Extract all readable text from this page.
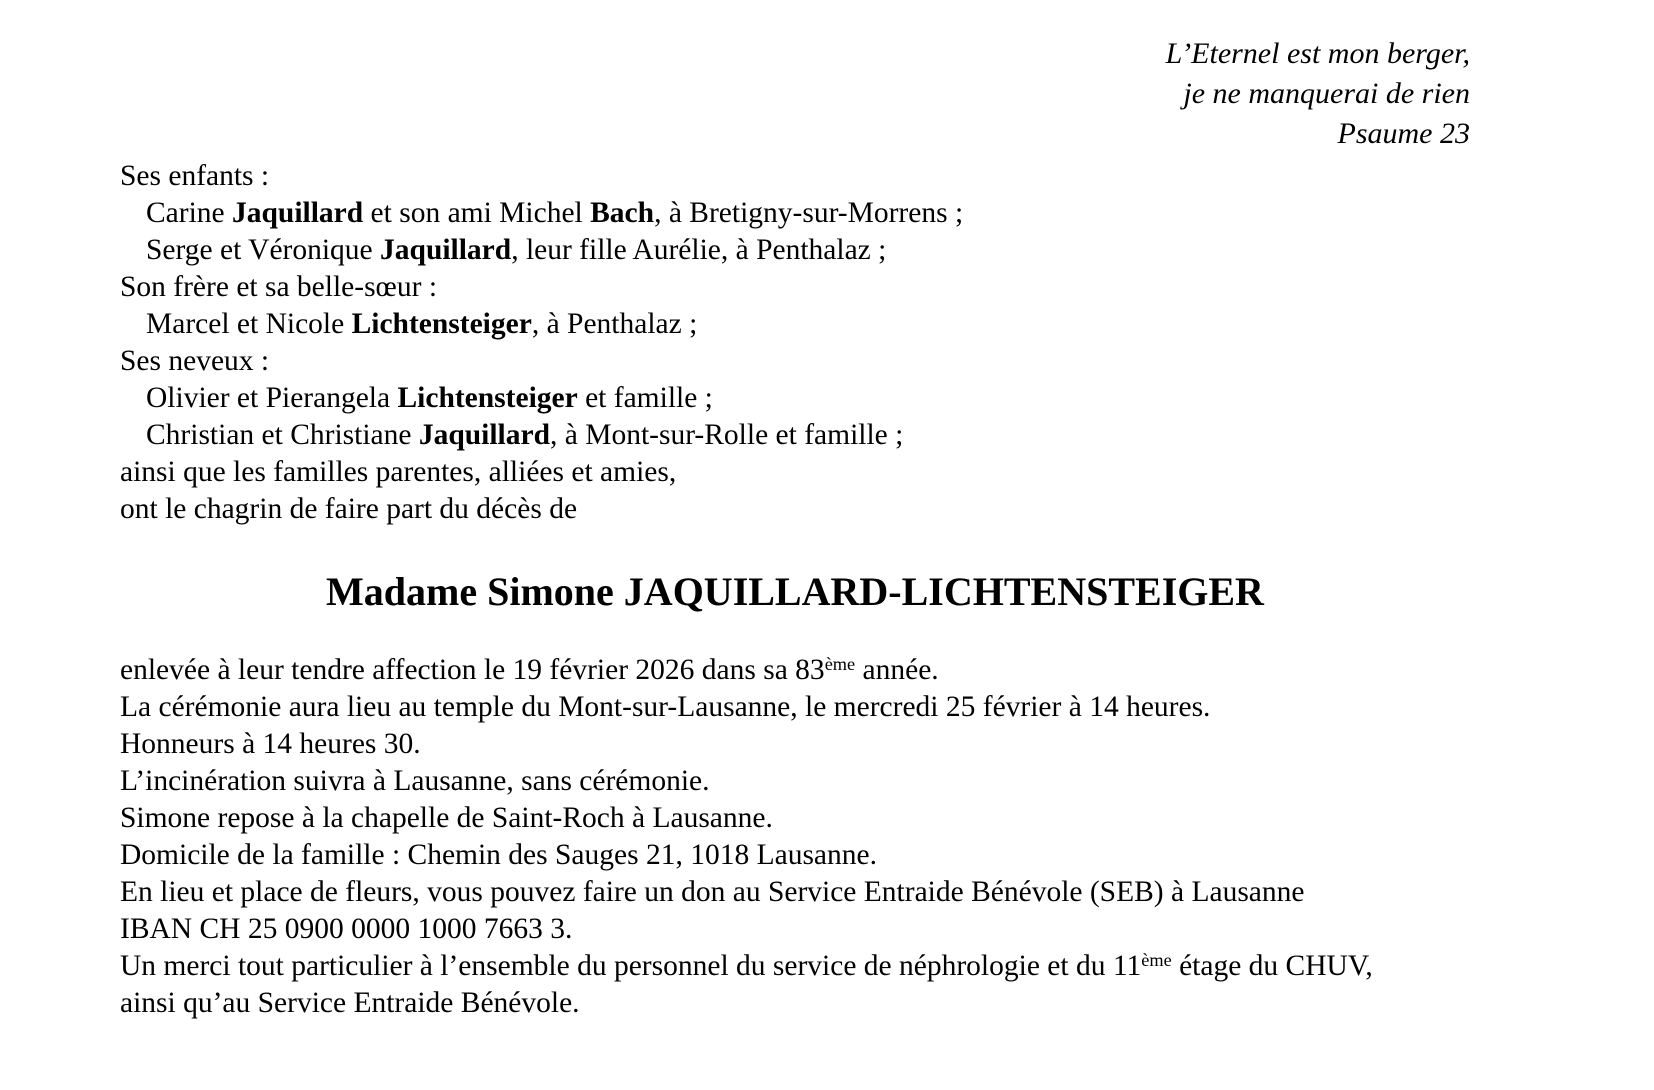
L’Eternel est mon berger,
je ne manquerai de rien
Psaume 23
Ses enfants :
Carine Jaquillard et son ami Michel Bach, à Bretigny-sur-Morrens ;
Serge et Véronique Jaquillard, leur fille Aurélie, à Penthalaz ;
Son frère et sa belle-sœur :
Marcel et Nicole Lichtensteiger, à Penthalaz ;
Ses neveux :
Olivier et Pierangela Lichtensteiger et famille ;
Christian et Christiane Jaquillard, à Mont-sur-Rolle et famille ;
ainsi que les familles parentes, alliées et amies,
ont le chagrin de faire part du décès de
Madame Simone JAQUILLARD-LICHTENSTEIGER
enlevée à leur tendre affection le 19 février 2026 dans sa 83ème année.
La cérémonie aura lieu au temple du Mont-sur-Lausanne, le mercredi 25 février à 14 heures.
Honneurs à 14 heures 30.
L’incinération suivra à Lausanne, sans cérémonie.
Simone repose à la chapelle de Saint-Roch à Lausanne.
Domicile de la famille : Chemin des Sauges 21, 1018 Lausanne.
En lieu et place de fleurs, vous pouvez faire un don au Service Entraide Bénévole (SEB) à Lausanne
IBAN CH 25 0900 0000 1000 7663 3.
Un merci tout particulier à l’ensemble du personnel du service de néphrologie et du 11ème étage du CHUV,
ainsi qu’au Service Entraide Bénévole.
